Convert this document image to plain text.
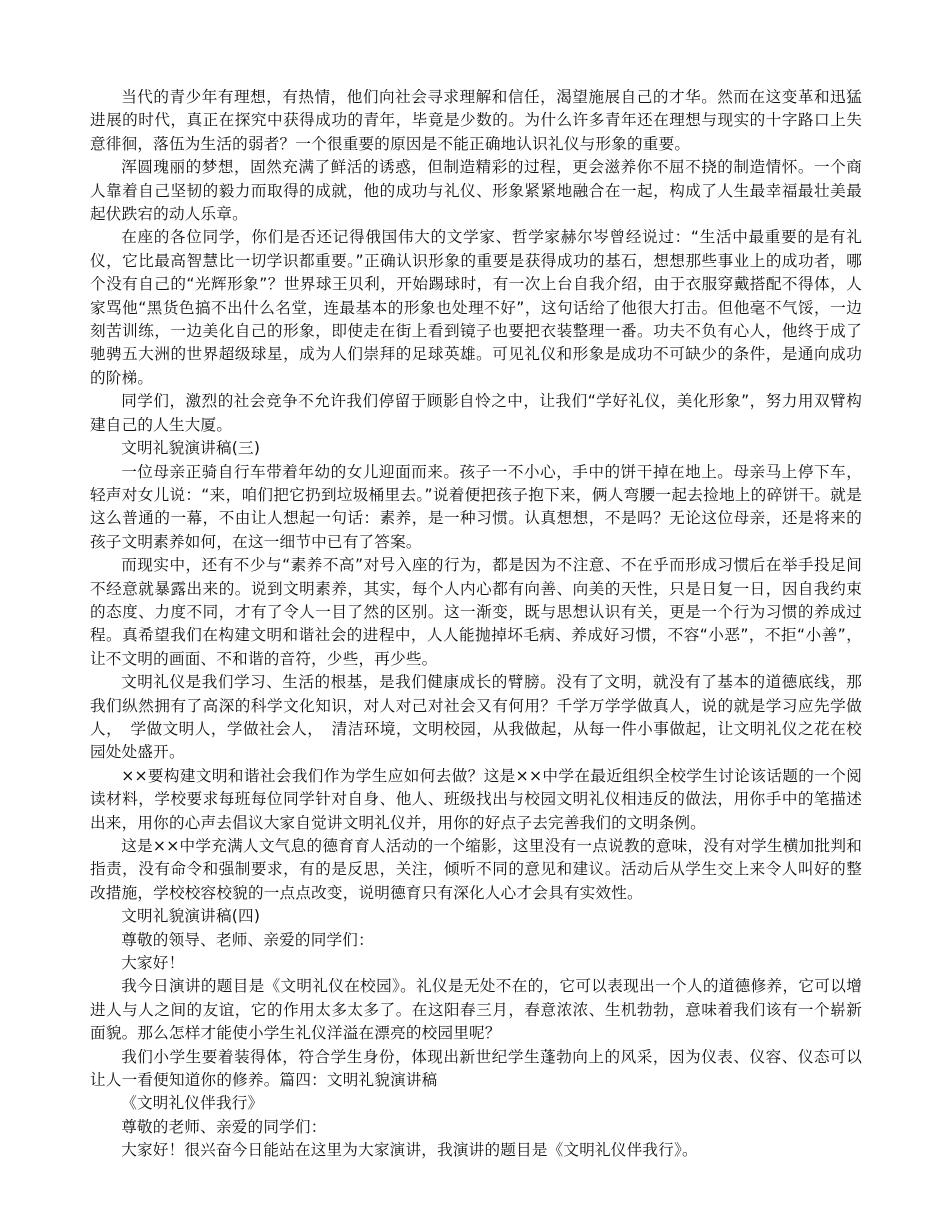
当代的青少年有理想，有热情，他们向社会寻求理解和信任，渴望施展自己的才华。然而在这变革和迅猛进展的时代，真正在探究中获得成功的青年，毕竟是少数的。为什么许多青年还在理想与现实的十字路口上失意徘徊，落伍为生活的弱者？一个很重要的原因是不能正确地认识礼仪与形象的重要。

浑圆瑰丽的梦想，固然充满了鲜活的诱惑，但制造精彩的过程，更会滋养你不屈不挠的制造情怀。一个商人靠着自己坚韧的毅力而取得的成就，他的成功与礼仪、形象紧紧地融合在一起，构成了人生最幸福最壮美最起伏跌宕的动人乐章。

在座的各位同学，你们是否还记得俄国伟大的文学家、哲学家赫尔岑曾经说过：“生活中最重要的是有礼仪，它比最高智慧比一切学识都重要。”正确认识形象的重要是获得成功的基石，想想那些事业上的成功者，哪个没有自己的“光辉形象”？世界球王贝利，开始踢球时，有一次上台自我介绍，由于衣服穿戴搭配不得体，人家骂他“黑货色搞不出什么名堂，连最基本的形象也处理不好”，这句话给了他很大打击。但他毫不气馁，一边刻苦训练，一边美化自己的形象，即使走在街上看到镜子也要把衣装整理一番。功夫不负有心人，他终于成了驰骋五大洲的世界超级球星，成为人们崇拜的足球英雄。可见礼仪和形象是成功不可缺少的条件，是通向成功的阶梯。

同学们，激烈的社会竞争不允许我们停留于顾影自怜之中，让我们“学好礼仪，美化形象”，努力用双臂构建自己的人生大厦。

文明礼貌演讲稿(三)

一位母亲正骑自行车带着年幼的女儿迎面而来。孩子一不小心，手中的饼干掉在地上。母亲马上停下车，轻声对女儿说：“来，咱们把它扔到垃圾桶里去。”说着便把孩子抱下来，俩人弯腰一起去捡地上的碎饼干。就是这么普通的一幕，不由让人想起一句话：素养，是一种习惯。认真想想，不是吗？无论这位母亲，还是将来的孩子文明素养如何，在这一细节中已有了答案。

而现实中，还有不少与“素养不高”对号入座的行为，都是因为不注意、不在乎而形成习惯后在举手投足间不经意就暴露出来的。说到文明素养，其实，每个人内心都有向善、向美的天性，只是日复一日，因自我约束的态度、力度不同，才有了令人一目了然的区别。这一渐变，既与思想认识有关，更是一个行为习惯的养成过程。真希望我们在构建文明和谐社会的进程中，人人能抛掉坏毛病、养成好习惯，不容“小恶”，不拒“小善”，让不文明的画面、不和谐的音符，少些，再少些。

文明礼仪是我们学习、生活的根基，是我们健康成长的臂膀。没有了文明，就没有了基本的道德底线，那我们纵然拥有了高深的科学文化知识，对人对己对社会又有何用？千学万学学做真人，说的就是学习应先学做人，　学做文明人，学做社会人，　清洁环境，文明校园，从我做起，从每一件小事做起，让文明礼仪之花在校园处处盛开。

××要构建文明和谐社会我们作为学生应如何去做？这是××中学在最近组织全校学生讨论该话题的一个阅读材料，学校要求每班每位同学针对自身、他人、班级找出与校园文明礼仪相违反的做法，用你手中的笔描述出来，用你的心声去倡议大家自觉讲文明礼仪并，用你的好点子去完善我们的文明条例。

这是××中学充满人文气息的德育育人活动的一个缩影，这里没有一点说教的意味，没有对学生横加批判和指责，没有命令和强制要求，有的是反思，关注，倾听不同的意见和建议。活动后从学生交上来令人叫好的整改措施，学校校容校貌的一点点改变，说明德育只有深化人心才会具有实效性。

文明礼貌演讲稿(四)

尊敬的领导、老师、亲爱的同学们：

大家好！

我今日演讲的题目是《文明礼仪在校园》。礼仪是无处不在的，它可以表现出一个人的道德修养，它可以增进人与人之间的友谊，它的作用太多太多了。在这阳春三月，春意浓浓、生机勃勃，意味着我们该有一个崭新面貌。那么怎样才能使小学生礼仪洋溢在漂亮的校园里呢？

我们小学生要着装得体，符合学生身份，体现出新世纪学生蓬勃向上的风采，因为仪表、仪容、仪态可以让人一看便知道你的修养。篇四：文明礼貌演讲稿

《文明礼仪伴我行》

尊敬的老师、亲爱的同学们：

大家好！很兴奋今日能站在这里为大家演讲，我演讲的题目是《文明礼仪伴我行》。
